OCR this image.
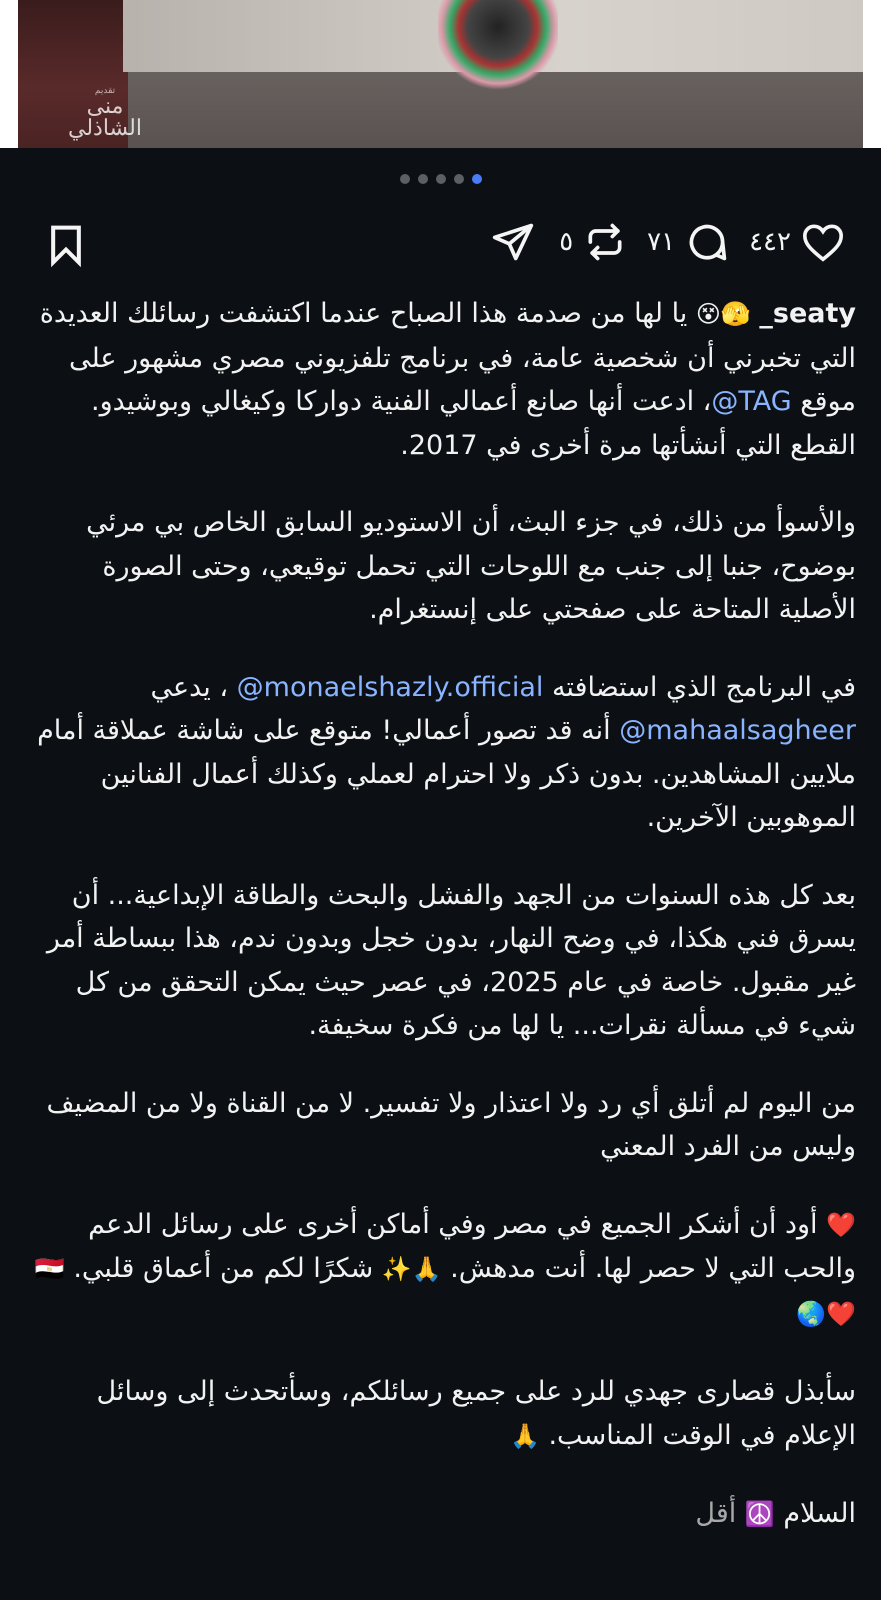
تقديم
منى الشاذلي
٤٤٢
٧١
٥

seaty_ 🫣😵 يا لها من صدمة هذا الصباح عندما اكتشفت رسائلك العديدة التي تخبرني أن شخصية عامة، في برنامج تلفزيوني مصري مشهور على موقع TAG@، ادعت أنها صانع أعمالي الفنية دواركا وكيغالي وبوشيدو. القطع التي أنشأتها مرة أخرى في 2017.

والأسوأ من ذلك، في جزء البث، أن الاستوديو السابق الخاص بي مرئي بوضوح، جنبا إلى جنب مع اللوحات التي تحمل توقيعي، وحتى الصورة الأصلية المتاحة على صفحتي على إنستغرام.

في البرنامج الذي استضافته monaelshazly.official@ ، يدعي mahaalsagheer@ أنه قد تصور أعمالي! متوقع على شاشة عملاقة أمام ملايين المشاهدين. بدون ذكر ولا احترام لعملي وكذلك أعمال الفنانين الموهوبين الآخرين.

بعد كل هذه السنوات من الجهد والفشل والبحث والطاقة الإبداعية... أن يسرق فني هكذا، في وضح النهار، بدون خجل وبدون ندم، هذا ببساطة أمر غير مقبول. خاصة في عام 2025، في عصر حيث يمكن التحقق من كل شيء في مسألة نقرات... يا لها من فكرة سخيفة.

من اليوم لم أتلق أي رد ولا اعتذار ولا تفسير. لا من القناة ولا من المضيف وليس من الفرد المعني

❤️ أود أن أشكر الجميع في مصر وفي أماكن أخرى على رسائل الدعم والحب التي لا حصر لها. أنت مدهش. 🙏✨ شكرًا لكم من أعماق قلبي. 🇪🇬❤️🌏

سأبذل قصارى جهدي للرد على جميع رسائلكم، وسأتحدث إلى وسائل الإعلام في الوقت المناسب. 🙏

السلام ☮️ أقل
